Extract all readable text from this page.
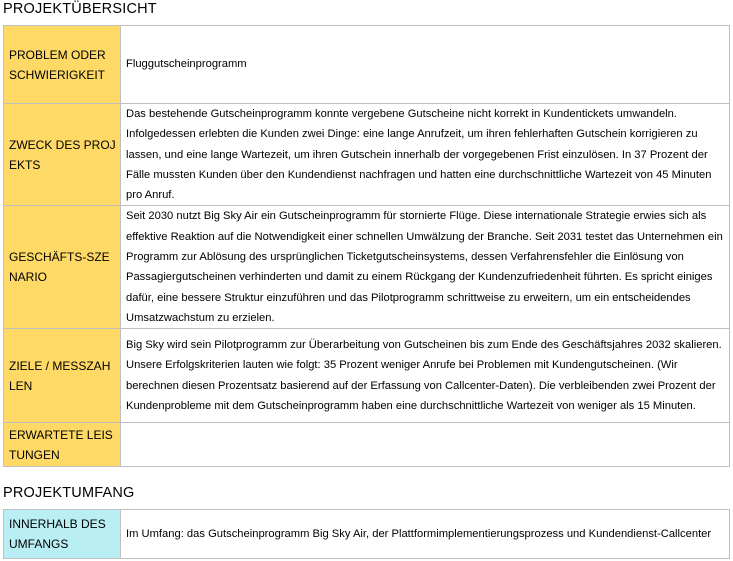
PROJEKTÜBERSICHT
PROBLEM ODER SCHWIERIGKEIT	Fluggutscheinprogramm
ZWECK DES PROJEKTS	Das bestehende Gutscheinprogramm konnte vergebene Gutscheine nicht korrekt in Kundentickets umwandeln. Infolgedessen erlebten die Kunden zwei Dinge: eine lange Anrufzeit, um ihren fehlerhaften Gutschein korrigieren zu lassen, und eine lange Wartezeit, um ihren Gutschein innerhalb der vorgegebenen Frist einzulösen. In 37 Prozent der Fälle mussten Kunden über den Kundendienst nachfragen und hatten eine durchschnittliche Wartezeit von 45 Minuten pro Anruf.
GESCHÄFTS-SZENARIO	Seit 2030 nutzt Big Sky Air ein Gutscheinprogramm für stornierte Flüge. Diese internationale Strategie erwies sich als effektive Reaktion auf die Notwendigkeit einer schnellen Umwälzung der Branche. Seit 2031 testet das Unternehmen ein Programm zur Ablösung des ursprünglichen Ticketgutscheinsystems, dessen Verfahrensfehler die Einlösung von Passagiergutscheinen verhinderten und damit zu einem Rückgang der Kundenzufriedenheit führten. Es spricht einiges dafür, eine bessere Struktur einzuführen und das Pilotprogramm schrittweise zu erweitern, um ein entscheidendes Umsatzwachstum zu erzielen.
ZIELE / MESSZAHLEN	Big Sky wird sein Pilotprogramm zur Überarbeitung von Gutscheinen bis zum Ende des Geschäftsjahres 2032 skalieren. Unsere Erfolgskriterien lauten wie folgt: 35 Prozent weniger Anrufe bei Problemen mit Kundengutscheinen. (Wir berechnen diesen Prozentsatz basierend auf der Erfassung von Callcenter-Daten). Die verbleibenden zwei Prozent der Kundenprobleme mit dem Gutscheinprogramm haben eine durchschnittliche Wartezeit von weniger als 15 Minuten.
ERWARTETE LEISTUNGEN	
PROJEKTUMFANG
INNERHALB DES UMFANGS	Im Umfang: das Gutscheinprogramm Big Sky Air, der Plattformimplementierungsprozess und Kundendienst-Callcenter
